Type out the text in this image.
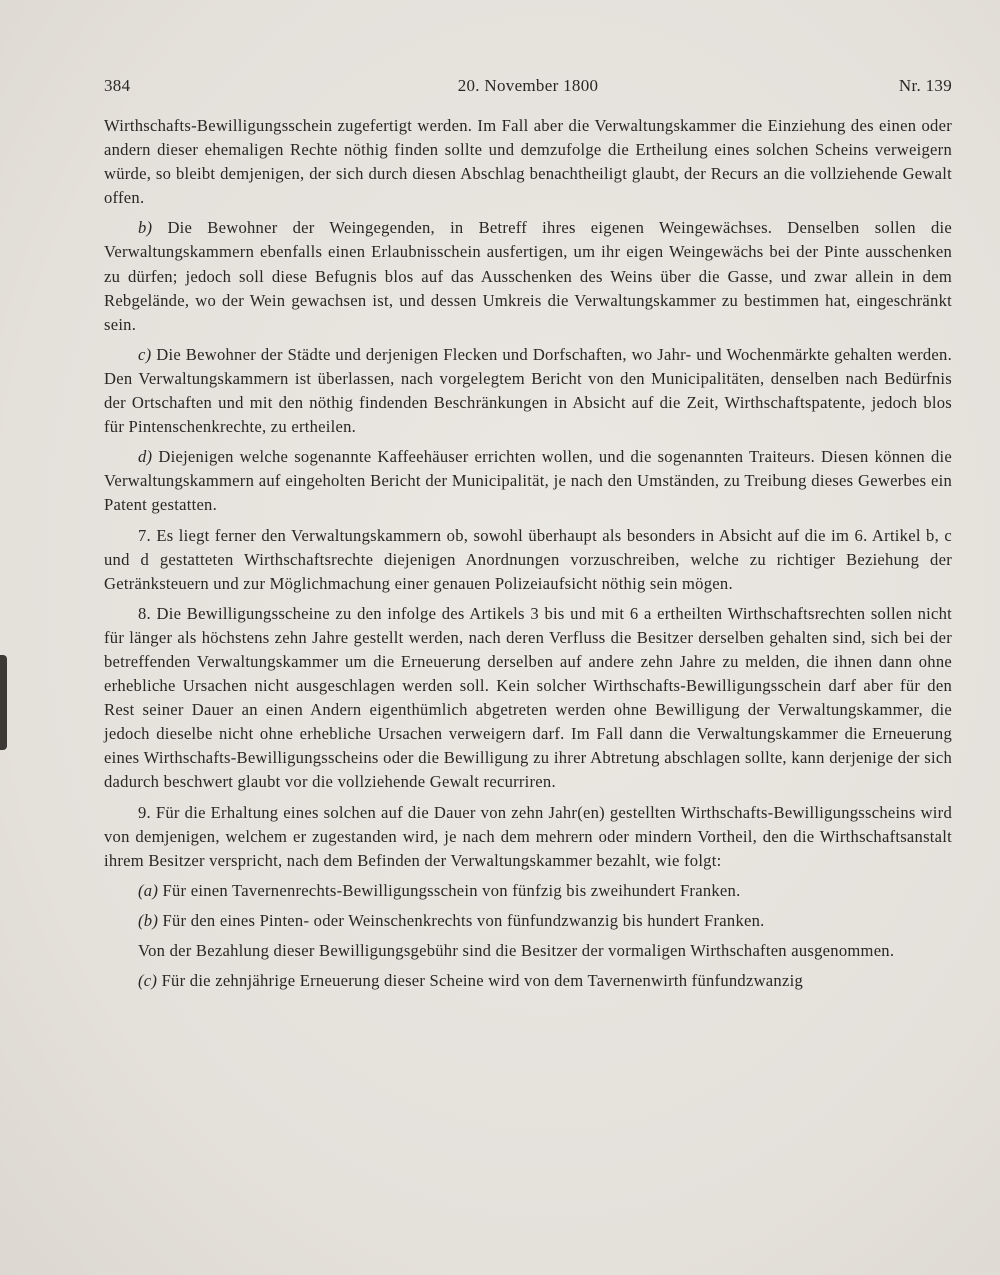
384	20. November 1800	Nr. 139

Wirthschafts-Bewilligungsschein zugefertigt werden. Im Fall aber die Verwaltungskammer die Einziehung des einen oder andern dieser ehemaligen Rechte nöthig finden sollte und demzufolge die Ertheilung eines solchen Scheins verweigern würde, so bleibt demjenigen, der sich durch diesen Abschlag benachtheiligt glaubt, der Recurs an die vollziehende Gewalt offen.

b) Die Bewohner der Weingegenden, in Betreff ihres eigenen Weingewächses. Denselben sollen die Verwaltungskammern ebenfalls einen Erlaubnisschein ausfertigen, um ihr eigen Weingewächs bei der Pinte ausschenken zu dürfen; jedoch soll diese Befugnis blos auf das Ausschenken des Weins über die Gasse, und zwar allein in dem Rebgelände, wo der Wein gewachsen ist, und dessen Umkreis die Verwaltungskammer zu bestimmen hat, eingeschränkt sein.

c) Die Bewohner der Städte und derjenigen Flecken und Dorfschaften, wo Jahr- und Wochenmärkte gehalten werden. Den Verwaltungskammern ist überlassen, nach vorgelegtem Bericht von den Municipalitäten, denselben nach Bedürfnis der Ortschaften und mit den nöthig findenden Beschränkungen in Absicht auf die Zeit, Wirthschaftspatente, jedoch blos für Pintenschenkrechte, zu ertheilen.

d) Diejenigen welche sogenannte Kaffeehäuser errichten wollen, und die sogenannten Traiteurs. Diesen können die Verwaltungskammern auf eingeholten Bericht der Municipalität, je nach den Umständen, zu Treibung dieses Gewerbes ein Patent gestatten.

7. Es liegt ferner den Verwaltungskammern ob, sowohl überhaupt als besonders in Absicht auf die im 6. Artikel b, c und d gestatteten Wirthschaftsrechte diejenigen Anordnungen vorzuschreiben, welche zu richtiger Beziehung der Getränksteuern und zur Möglichmachung einer genauen Polizeiaufsicht nöthig sein mögen.

8. Die Bewilligungsscheine zu den infolge des Artikels 3 bis und mit 6 a ertheilten Wirthschaftsrechten sollen nicht für länger als höchstens zehn Jahre gestellt werden, nach deren Verfluss die Besitzer derselben gehalten sind, sich bei der betreffenden Verwaltungskammer um die Erneuerung derselben auf andere zehn Jahre zu melden, die ihnen dann ohne erhebliche Ursachen nicht ausgeschlagen werden soll. Kein solcher Wirthschafts-Bewilligungsschein darf aber für den Rest seiner Dauer an einen Andern eigenthümlich abgetreten werden ohne Bewilligung der Verwaltungskammer, die jedoch dieselbe nicht ohne erhebliche Ursachen verweigern darf. Im Fall dann die Verwaltungskammer die Erneuerung eines Wirthschafts-Bewilligungsscheins oder die Bewilligung zu ihrer Abtretung abschlagen sollte, kann derjenige der sich dadurch beschwert glaubt vor die vollziehende Gewalt recurriren.

9. Für die Erhaltung eines solchen auf die Dauer von zehn Jahr(en) gestellten Wirthschafts-Bewilligungsscheins wird von demjenigen, welchem er zugestanden wird, je nach dem mehrern oder mindern Vortheil, den die Wirthschaftsanstalt ihrem Besitzer verspricht, nach dem Befinden der Verwaltungskammer bezahlt, wie folgt:

(a) Für einen Tavernenrechts-Bewilligungsschein von fünfzig bis zweihundert Franken.

(b) Für den eines Pinten- oder Weinschenkrechts von fünfundzwanzig bis hundert Franken.

Von der Bezahlung dieser Bewilligungsgebühr sind die Besitzer der vormaligen Wirthschaften ausgenommen.

(c) Für die zehnjährige Erneuerung dieser Scheine wird von dem Tavernenwirth fünfundzwanzig
